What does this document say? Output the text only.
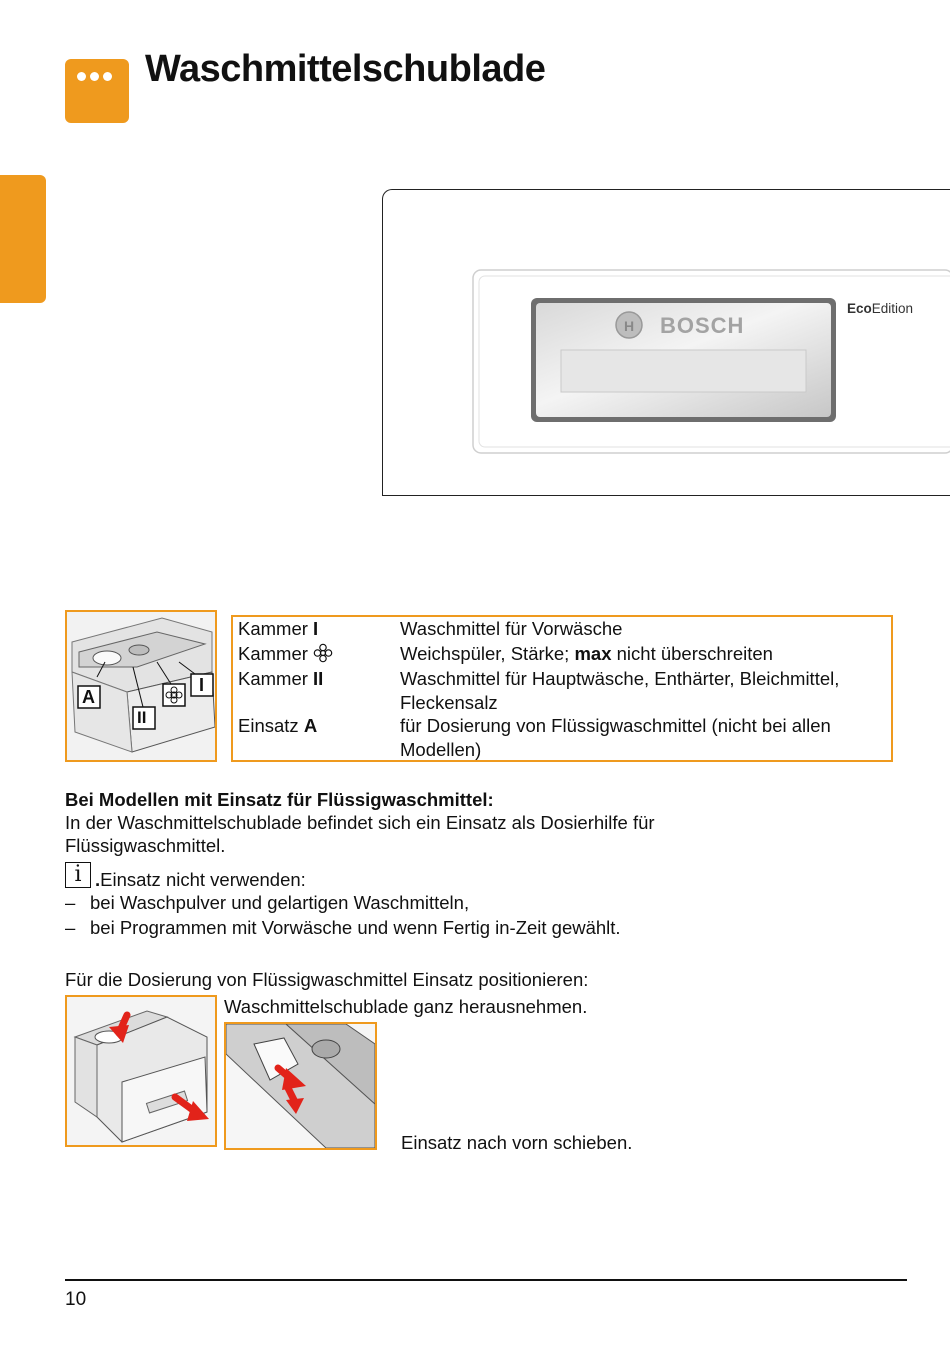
Waschmittelschublade
H BOSCH
EcoEdition
A
II
I
Kammer I	Waschmittel für Vorwäsche
Kammer	Weichspüler, Stärke; max nicht überschreiten
Kammer II	Waschmittel für Hauptwäsche, Enthärter, Bleichmittel,
Fleckensalz
Einsatz A	für Dosierung von Flüssigwaschmittel (nicht bei allen
Modellen)
Bei Modellen mit Einsatz für Flüssigwaschmittel:
In der Waschmittelschublade befindet sich ein Einsatz als Dosierhilfe für
Flüssigwaschmittel.
i .Einsatz nicht verwenden:
– bei Waschpulver und gelartigen Waschmitteln,
– bei Programmen mit Vorwäsche und wenn Fertig in-Zeit gewählt.
Für die Dosierung von Flüssigwaschmittel Einsatz positionieren:
Waschmittelschublade ganz herausnehmen.
Einsatz nach vorn schieben.
10
